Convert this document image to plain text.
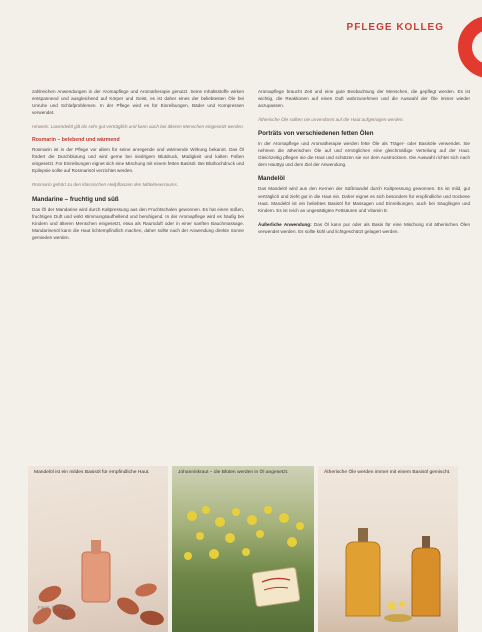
PFLEGE KOLLEG

zahlreichen Anwendungen in der Aromapflege und Aromatherapie genutzt. Seine Inhaltsstoffe wirken entspannend und ausgleichend auf Körper und Geist, es ist daher eines der beliebtesten Öle bei Unruhe und Schlafproblemen. In der Pflege wird es für Einreibungen, Bäder und Kompressen verwendet.

Hinweis: Lavendelöl gilt als sehr gut verträglich und kann auch bei älteren Menschen eingesetzt werden.

Rosmarin – belebend und wärmend

Rosmarin ist in der Pflege vor allem für seine anregende und wärmende Wirkung bekannt. Das Öl fördert die Durchblutung und wird gerne bei niedrigem Blutdruck, Müdigkeit und kalten Füßen eingesetzt. Für Einreibungen eignet sich eine Mischung mit einem fetten Basisöl. Bei Bluthochdruck und Epilepsie sollte auf Rosmarinöl verzichtet werden.

Rosmarin gehört zu den klassischen Heilpflanzen des Mittelmeerraums.

Mandarine – fruchtig und süß

Das Öl der Mandarine wird durch Kaltpressung aus den Fruchtschalen gewonnen. Es hat einen süßen, fruchtigen Duft und wirkt stimmungsaufhellend und beruhigend. In der Aromapflege wird es häufig bei Kindern und älteren Menschen eingesetzt, etwa als Raumduft oder in einer sanften Bauchmassage. Mandarinenöl kann die Haut lichtempfindlich machen, daher sollte nach der Anwendung direkte Sonne gemieden werden.

Aromapflege braucht Zeit und eine gute Beobachtung der Menschen, die gepflegt werden. Es ist wichtig, die Reaktionen auf einen Duft wahrzunehmen und die Auswahl der Öle immer wieder anzupassen.

Ätherische Öle sollten nie unverdünnt auf die Haut aufgetragen werden.

Porträts von verschiedenen fetten Ölen

In der Aromapflege und Aromatherapie werden fette Öle als Träger- oder Basisöle verwendet. Sie nehmen die ätherischen Öle auf und ermöglichen eine gleichmäßige Verteilung auf der Haut. Gleichzeitig pflegen sie die Haut und schützen sie vor dem Austrocknen. Die Auswahl richtet sich nach dem Hauttyp und dem Ziel der Anwendung.

Mandelöl

Das Mandelöl wird aus den Kernen der Süßmandel durch Kaltpressung gewonnen. Es ist mild, gut verträglich und zieht gut in die Haut ein. Daher eignet es sich besonders für empfindliche und trockene Haut. Mandelöl ist ein beliebtes Basisöl für Massagen und Einreibungen, auch bei Säuglingen und Kindern. Es ist reich an ungesättigten Fettsäuren und Vitamin E.

Äußerliche Anwendung: Das Öl kann pur oder als Basis für eine Mischung mit ätherischen Ölen verwendet werden. Es sollte kühl und lichtgeschützt gelagert werden.

Mandelöl ist ein mildes Basisöl für empfindliche Haut.	Johanniskraut – die Blüten werden in Öl angesetzt.	Ätherische Öle werden immer mit einem Basisöl gemischt.
Fotos: © Pflege
50
